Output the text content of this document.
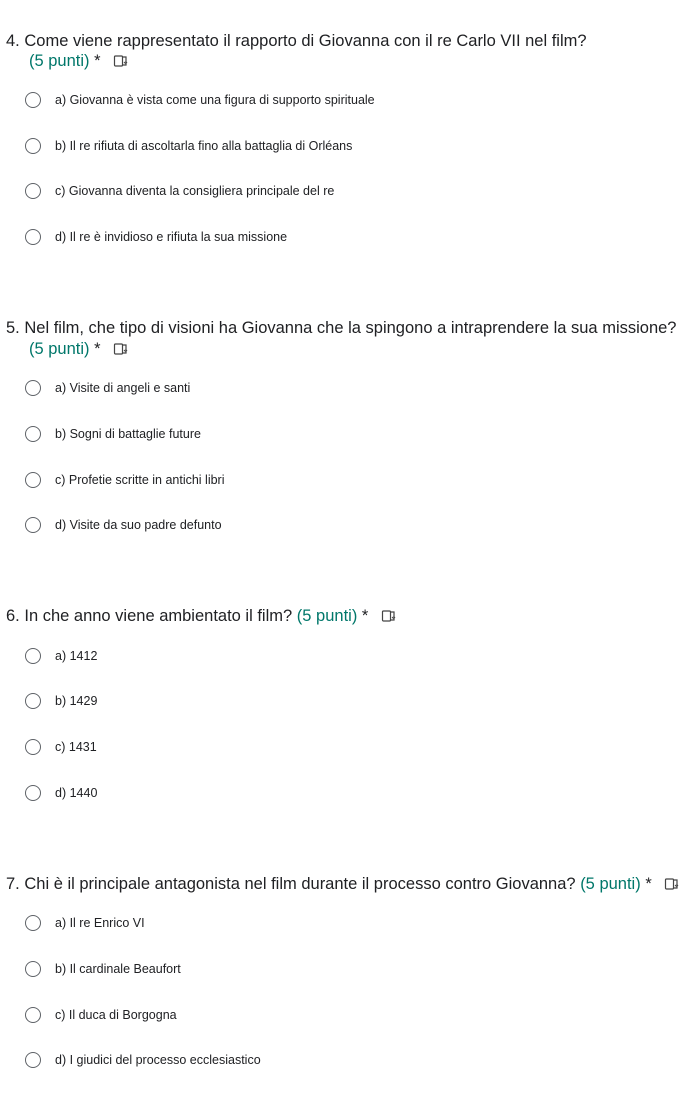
4. Come viene rappresentato il rapporto di Giovanna con il re Carlo VII nel film?
(5 punti) *
a) Giovanna è vista come una figura di supporto spirituale
b) Il re rifiuta di ascoltarla fino alla battaglia di Orléans
c) Giovanna diventa la consigliera principale del re
d) Il re è invidioso e rifiuta la sua missione
5. Nel film, che tipo di visioni ha Giovanna che la spingono a intraprendere la sua missione?
(5 punti) *
a) Visite di angeli e santi
b) Sogni di battaglie future
c) Profetie scritte in antichi libri
d) Visite da suo padre defunto
6. In che anno viene ambientato il film? (5 punti) *
a) 1412
b) 1429
c) 1431
d) 1440
7. Chi è il principale antagonista nel film durante il processo contro Giovanna? (5 punti) *
a) Il re Enrico VI
b) Il cardinale Beaufort
c) Il duca di Borgogna
d) I giudici del processo ecclesiastico
